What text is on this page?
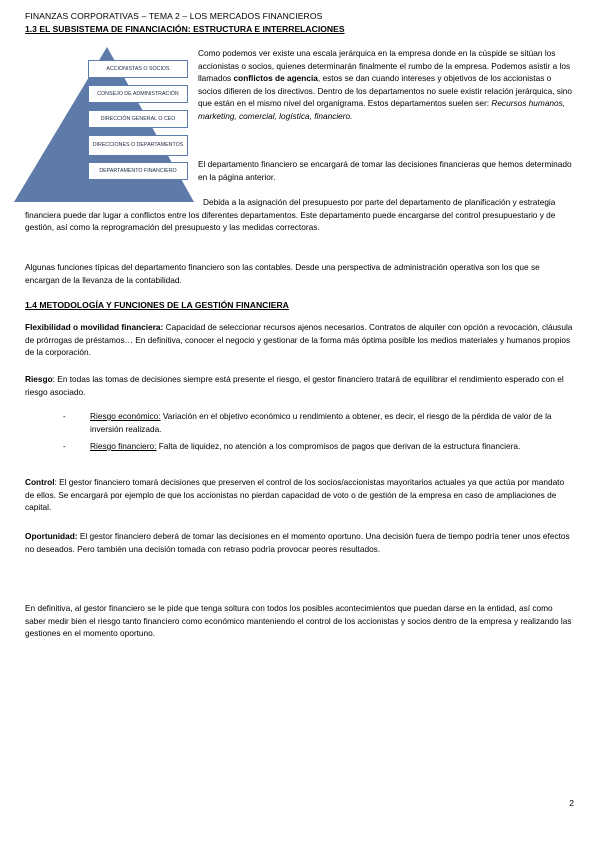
FINANZAS CORPORATIVAS – TEMA 2 – LOS MERCADOS FINANCIEROS
1.3 EL SUBSISTEMA DE FINANCIACIÓN: ESTRUCTURA E INTERRELACIONES
ACCIONISTAS O SOCIOS
CONSEJO DE ADMINISTRACIÓN
DIRECCIÓN GENERAL O CEO
DIRECCIONES O DEPARTAMENTOS
DEPARTAMENTO FINANCIERO
Como podemos ver existe una escala jerárquica en la empresa donde en la cúspide se sitúan los accionistas o socios, quienes determinarán finalmente el rumbo de la empresa. Podemos asistir a los llamados conflictos de agencia, estos se dan cuando intereses y objetivos de los accionistas o socios difieren de los directivos. Dentro de los departamentos no suele existir relación jerárquica, sino que están en el mismo nivel del organigrama. Estos departamentos suelen ser: Recursos humanos, marketing, comercial, logística, financiero.
El departamento financiero se encargará de tomar las decisiones financieras que hemos determinado en la página anterior.
Debida a la asignación del presupuesto por parte del departamento de planificación y estrategia financiera puede dar lugar a conflictos entre los diferentes departamentos. Este departamento puede encargarse del control presupuestario y de gestión, así como la reprogramación del presupuesto y las medidas correctoras.
Algunas funciones típicas del departamento financiero son las contables. Desde una perspectiva de administración operativa son los que se encargan de la llevanza de la contabilidad.
1.4 METODOLOGÍA Y FUNCIONES DE LA GESTIÓN FINANCIERA
Flexibilidad o movilidad financiera: Capacidad de seleccionar recursos ajenos necesarios. Contratos de alquiler con opción a revocación, cláusula de prórrogas de préstamos… En definitiva, conocer el negocio y gestionar de la forma más óptima posible los medios materiales y humanos propios de la corporación.
Riesgo: En todas las tomas de decisiones siempre está presente el riesgo, el gestor financiero tratará de equilibrar el rendimiento esperado con el riesgo asociado.
-	Riesgo económico: Variación en el objetivo económico u rendimiento a obtener, es decir, el riesgo de la pérdida de valor de la inversión realizada.
-	Riesgo financiero: Falta de liquidez, no atención a los compromisos de pagos que derivan de la estructura financiera.
Control: El gestor financiero tomará decisiones que preserven el control de los socios/accionistas mayoritarios actuales ya que actúa por mandato de ellos. Se encargará por ejemplo de que los accionistas no pierdan capacidad de voto o de gestión de la empresa en caso de ampliaciones de capital.
Oportunidad: El gestor financiero deberá de tomar las decisiones en el momento oportuno. Una decisión fuera de tiempo podría tener unos efectos no deseados. Pero también una decisión tomada con retraso podría provocar peores resultados.
En definitiva, al gestor financiero se le pide que tenga soltura con todos los posibles acontecimientos que puedan darse en la entidad, así como saber medir bien el riesgo tanto financiero como económico manteniendo el control de los accionistas y socios dentro de la empresa y realizando las gestiones en el momento oportuno.
2
